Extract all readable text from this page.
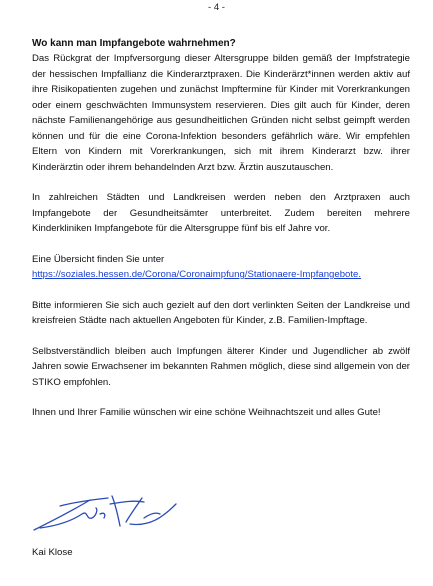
- 4 -

Wo kann man Impfangebote wahrnehmen?

Das Rückgrat der Impfversorgung dieser Altersgruppe bilden gemäß der Impfstrategie der hessischen Impfallianz die Kinderarztpraxen. Die Kinderärzt*innen werden aktiv auf ihre Risikopatienten zugehen und zunächst Impftermine für Kinder mit Vorerkrankungen oder einem geschwächten Immunsystem reservieren. Dies gilt auch für Kinder, deren nächste Familienangehörige aus gesundheitlichen Gründen nicht selbst geimpft werden können und für die eine Corona-Infektion besonders gefährlich wäre. Wir empfehlen Eltern von Kindern mit Vorerkrankungen, sich mit ihrem Kinderarzt bzw. ihrer Kinderärztin oder ihrem behandelnden Arzt bzw. Ärztin auszutauschen.

In zahlreichen Städten und Landkreisen werden neben den Arztpraxen auch Impfangebote der Gesundheitsämter unterbreitet. Zudem bereiten mehrere Kinderkliniken Impfangebote für die Altersgruppe fünf bis elf Jahre vor.

Eine Übersicht finden Sie unter

https://soziales.hessen.de/Corona/Coronaimpfung/Stationaere-Impfangebote.

Bitte informieren Sie sich auch gezielt auf den dort verlinkten Seiten der Landkreise und kreisfreien Städte nach aktuellen Angeboten für Kinder, z.B. Familien-Impftage.

Selbstverständlich bleiben auch Impfungen älterer Kinder und Jugendlicher ab zwölf Jahren sowie Erwachsener im bekannten Rahmen möglich, diese sind allgemein von der STIKO empfohlen.

Ihnen und Ihrer Familie wünschen wir eine schöne Weihnachtszeit und alles Gute!

Kai Klose
